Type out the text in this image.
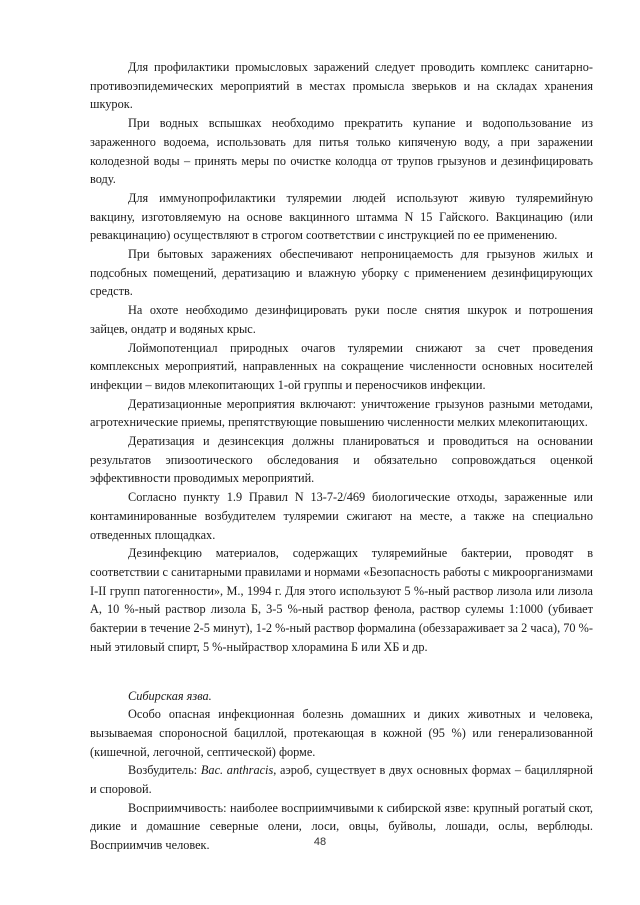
Для профилактики промысловых заражений следует проводить комплекс санитарно-противоэпидемических мероприятий в местах промысла зверьков и на складах хранения шкурок.

При водных вспышках необходимо прекратить купание и водопользование из зараженного водоема, использовать для питья только кипяченую воду, а при заражении колодезной воды – принять меры по очистке колодца от трупов грызунов и дезинфицировать воду.

Для иммунопрофилактики туляремии людей используют живую туляремийную вакцину, изготовляемую на основе вакцинного штамма N 15 Гайского. Вакцинацию (или ревакцинацию) осуществляют в строгом соответствии с инструкцией по ее применению.

При бытовых заражениях обеспечивают непроницаемость для грызунов жилых и подсобных помещений, дератизацию и влажную уборку с применением дезинфицирующих средств.

На охоте необходимо дезинфицировать руки после снятия шкурок и потрошения зайцев, ондатр и водяных крыс.

Лоймопотенциал природных очагов туляремии снижают за счет проведения комплексных мероприятий, направленных на сокращение численности основных носителей инфекции – видов млекопитающих 1-ой группы и переносчиков инфекции.

Дератизационные мероприятия включают: уничтожение грызунов разными методами, агротехнические приемы, препятствующие повышению численности мелких млекопитающих.

Дератизация и дезинсекция должны планироваться и проводиться на основании результатов эпизоотического обследования и обязательно сопровождаться оценкой эффективности проводимых мероприятий.

Согласно пункту 1.9 Правил N 13-7-2/469 биологические отходы, зараженные или контаминированные возбудителем туляремии сжигают на месте, а также на специально отведенных площадках.

Дезинфекцию материалов, содержащих туляремийные бактерии, проводят в соответствии с санитарными правилами и нормами «Безопасность работы с микроорганизмами I-II групп патогенности», М., 1994 г. Для этого используют 5 %-ный раствор лизола или лизола А, 10 %-ный раствор лизола Б, 3-5 %-ный раствор фенола, раствор сулемы 1:1000 (убивает бактерии в течение 2-5 минут), 1-2 %-ный раствор формалина (обеззараживает за 2 часа), 70 %-ный этиловый спирт, 5 %-ныйраствор хлорамина Б или ХБ и др.

Сибирская язва.

Особо опасная инфекционная болезнь домашних и диких животных и человека, вызываемая спороносной бациллой, протекающая в кожной (95 %) или генерализованной (кишечной, легочной, септической) форме.

Возбудитель: Bac. anthracis, аэроб, существует в двух основных формах – бациллярной и споровой.

Восприимчивость: наиболее восприимчивыми к сибирской язве: крупный рогатый скот, дикие и домашние северные олени, лоси, овцы, буйволы, лошади, ослы, верблюды. Восприимчив человек.	48
